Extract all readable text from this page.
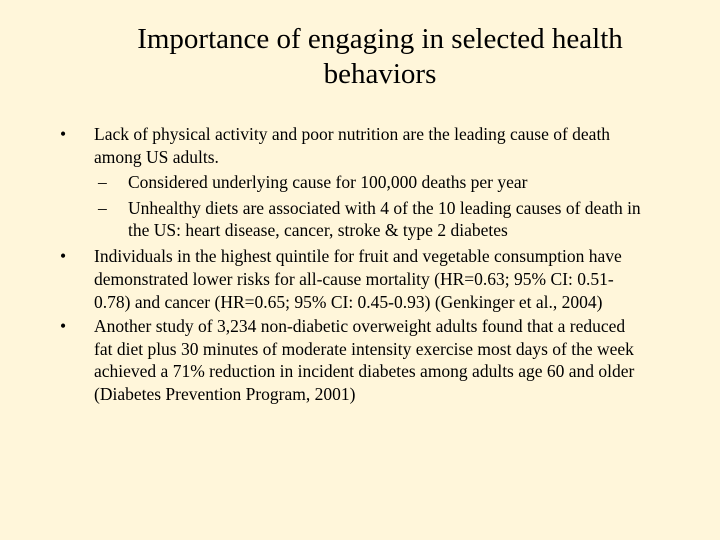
Importance of engaging in selected health
behaviors
• Lack of physical activity and poor nutrition are the leading cause of death
among US adults.
– Considered underlying cause for 100,000 deaths per year
– Unhealthy diets are associated with 4 of the 10 leading causes of death in
the US: heart disease, cancer, stroke & type 2 diabetes
• Individuals in the highest quintile for fruit and vegetable consumption have
demonstrated lower risks for all-cause mortality (HR=0.63; 95% CI: 0.51-
0.78) and cancer (HR=0.65; 95% CI: 0.45-0.93) (Genkinger et al., 2004)
• Another study of 3,234 non-diabetic overweight adults found that a reduced
fat diet plus 30 minutes of moderate intensity exercise most days of the week
achieved a 71% reduction in incident diabetes among adults age 60 and older
(Diabetes Prevention Program, 2001)
